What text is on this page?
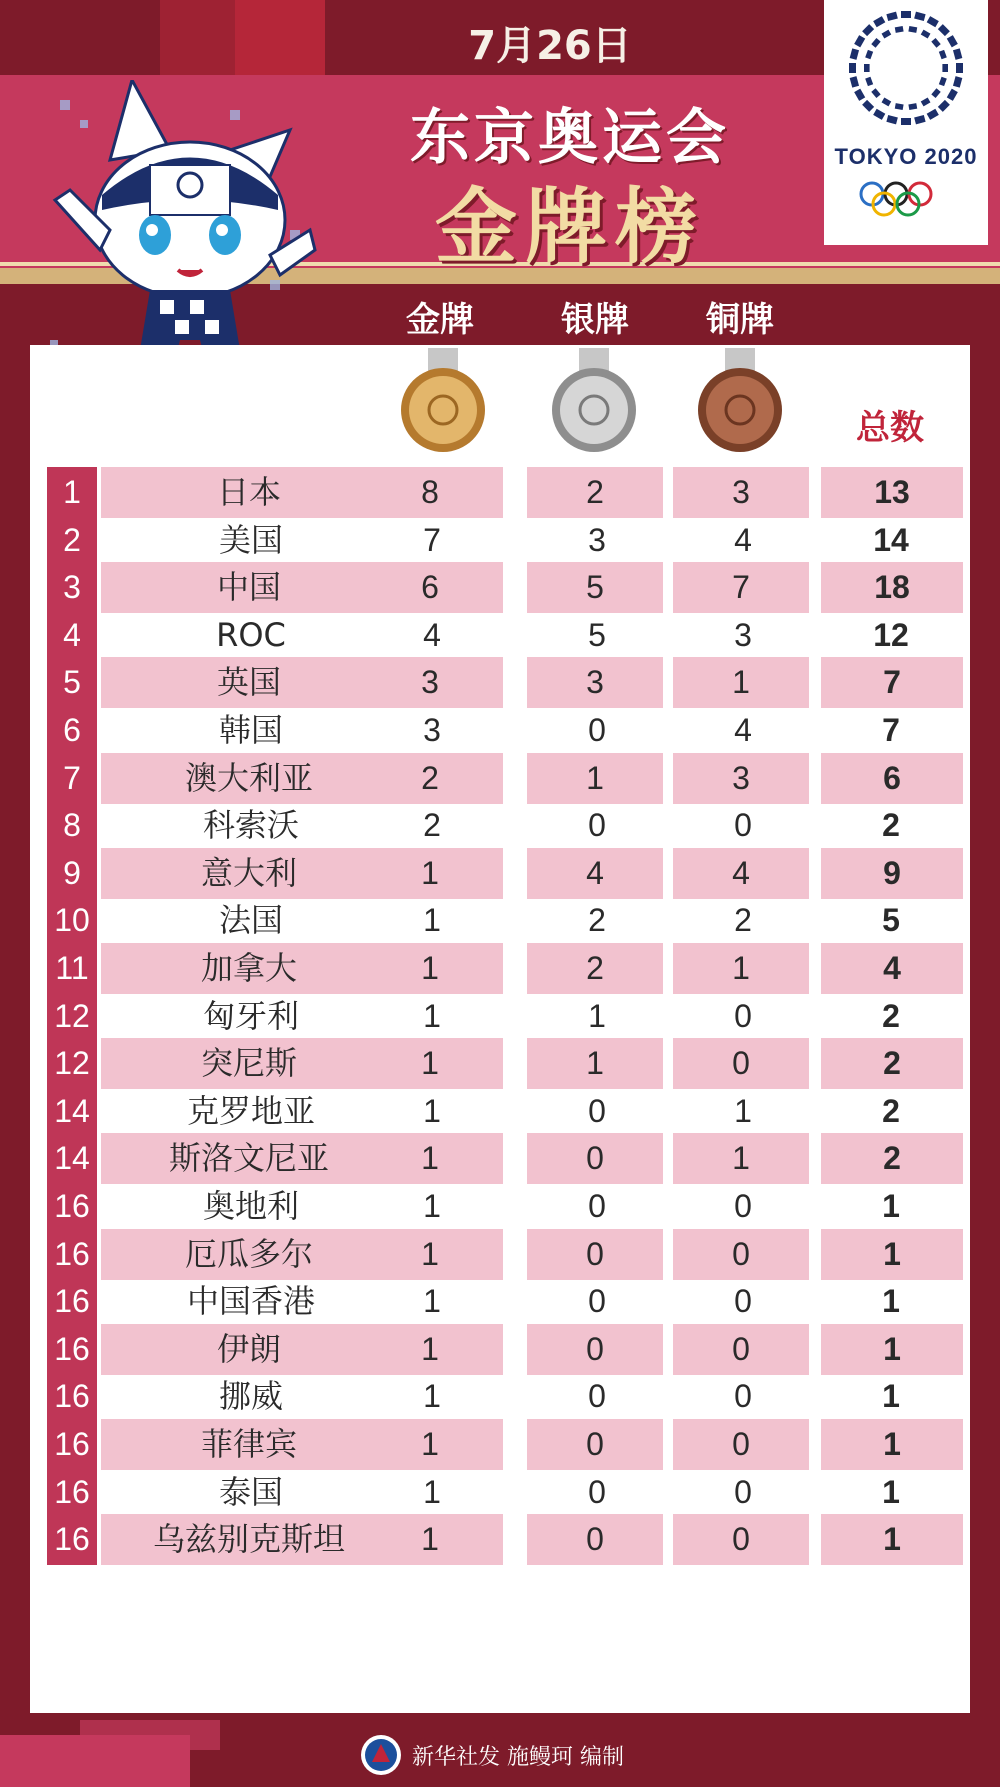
7月26日
东京奥运会
金牌榜
TOKYO 2020
金牌	银牌	铜牌
总数
1	日本	8	2	3	13
2	美国	7	3	4	14
3	中国	6	5	7	18
4	ROC	4	5	3	12
5	英国	3	3	1	7
6	韩国	3	0	4	7
7	澳大利亚	2	1	3	6
8	科索沃	2	0	0	2
9	意大利	1	4	4	9
10	法国	1	2	2	5
11	加拿大	1	2	1	4
12	匈牙利	1	1	0	2
12	突尼斯	1	1	0	2
14	克罗地亚	1	0	1	2
14	斯洛文尼亚	1	0	1	2
16	奥地利	1	0	0	1
16	厄瓜多尔	1	0	0	1
16	中国香港	1	0	0	1
16	伊朗	1	0	0	1
16	挪威	1	0	0	1
16	菲律宾	1	0	0	1
16	泰国	1	0	0	1
16	乌兹别克斯坦	1	0	0	1
新华社发 施鳗珂 编制
